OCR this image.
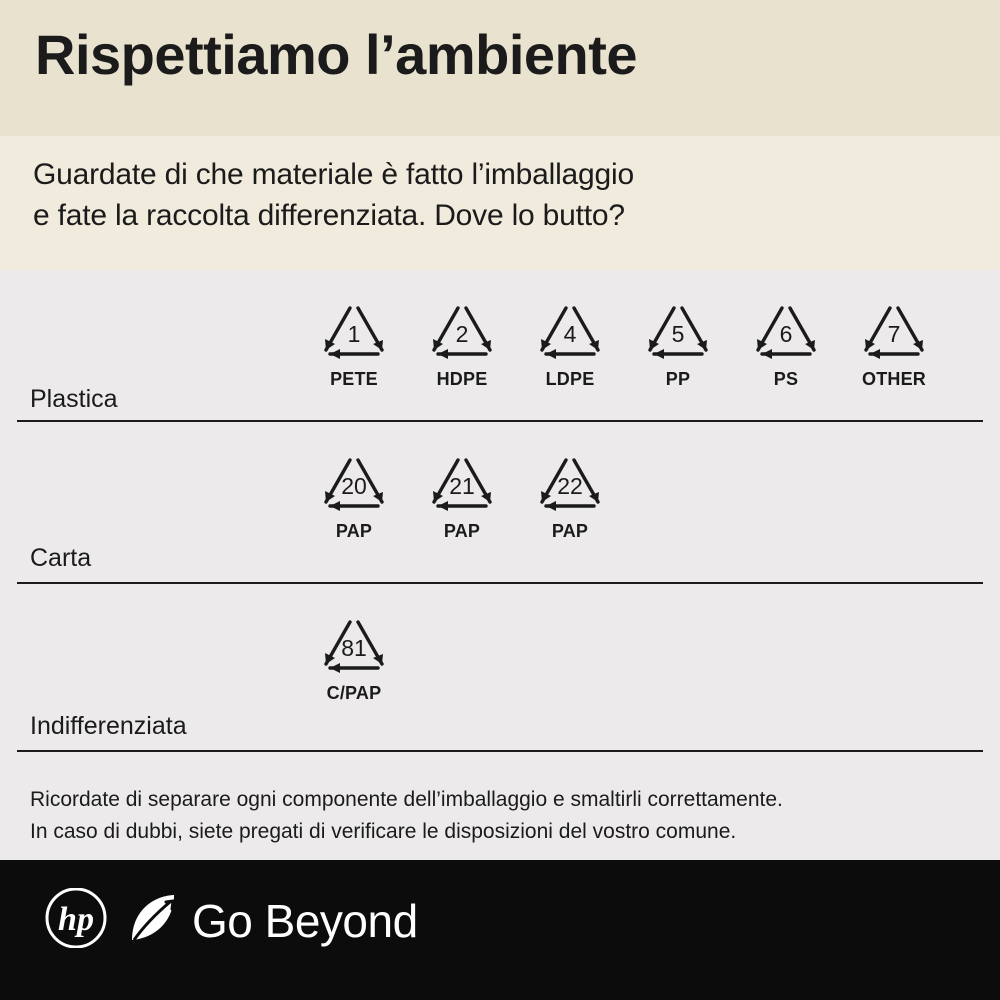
Rispettiamo l’ambiente
Guardate di che materiale è fatto l’imballaggio
e fate la raccolta differenziata. Dove lo butto?
Plastica
1
PETE
2
HDPE
4
LDPE
5
PP
6
PS
7
OTHER
Carta
20
PAP
21
PAP
22
PAP
Indifferenziata
81
C/PAP
Ricordate di separare ogni componente dell’imballaggio e smaltirli correttamente.
In caso di dubbi, siete pregati di verificare le disposizioni del vostro comune.
hp Go Beyond
